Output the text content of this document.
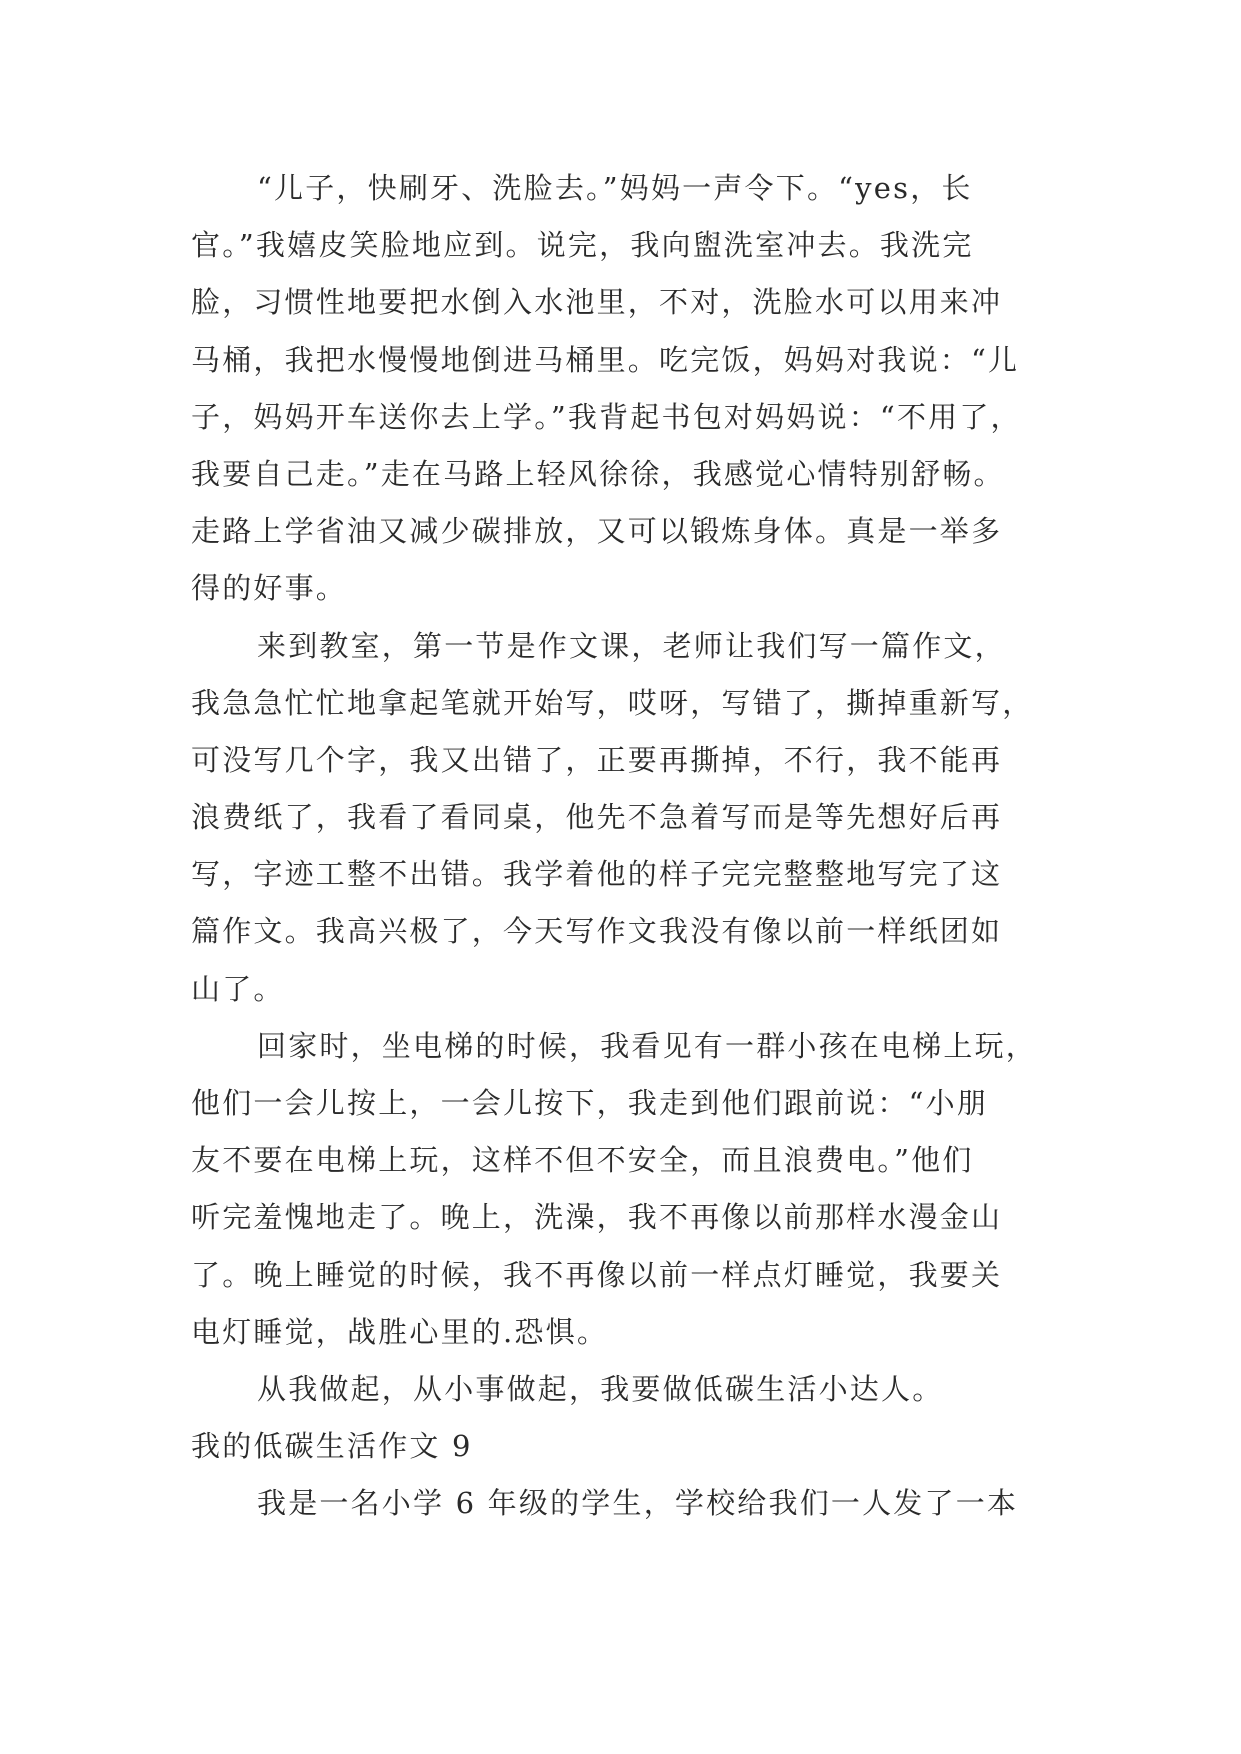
“儿子，快刷牙、洗脸去。”妈妈一声令下。“yes，长
官。”我嬉皮笑脸地应到。说完，我向盥洗室冲去。我洗完
脸，习惯性地要把水倒入水池里，不对，洗脸水可以用来冲
马桶，我把水慢慢地倒进马桶里。吃完饭，妈妈对我说：“儿
子，妈妈开车送你去上学。”我背起书包对妈妈说：“不用了，
我要自己走。”走在马路上轻风徐徐，我感觉心情特别舒畅。
走路上学省油又减少碳排放，又可以锻炼身体。真是一举多
得的好事。
来到教室，第一节是作文课，老师让我们写一篇作文，
我急急忙忙地拿起笔就开始写，哎呀，写错了，撕掉重新写，
可没写几个字，我又出错了，正要再撕掉，不行，我不能再
浪费纸了，我看了看同桌，他先不急着写而是等先想好后再
写，字迹工整不出错。我学着他的样子完完整整地写完了这
篇作文。我高兴极了，今天写作文我没有像以前一样纸团如
山了。
回家时，坐电梯的时候，我看见有一群小孩在电梯上玩，
他们一会儿按上，一会儿按下，我走到他们跟前说：“小朋
友不要在电梯上玩，这样不但不安全，而且浪费电。”他们
听完羞愧地走了。晚上，洗澡，我不再像以前那样水漫金山
了。晚上睡觉的时候，我不再像以前一样点灯睡觉，我要关
电灯睡觉，战胜心里的.恐惧。
从我做起，从小事做起，我要做低碳生活小达人。
我的低碳生活作文 9
我是一名小学 6 年级的学生，学校给我们一人发了一本
